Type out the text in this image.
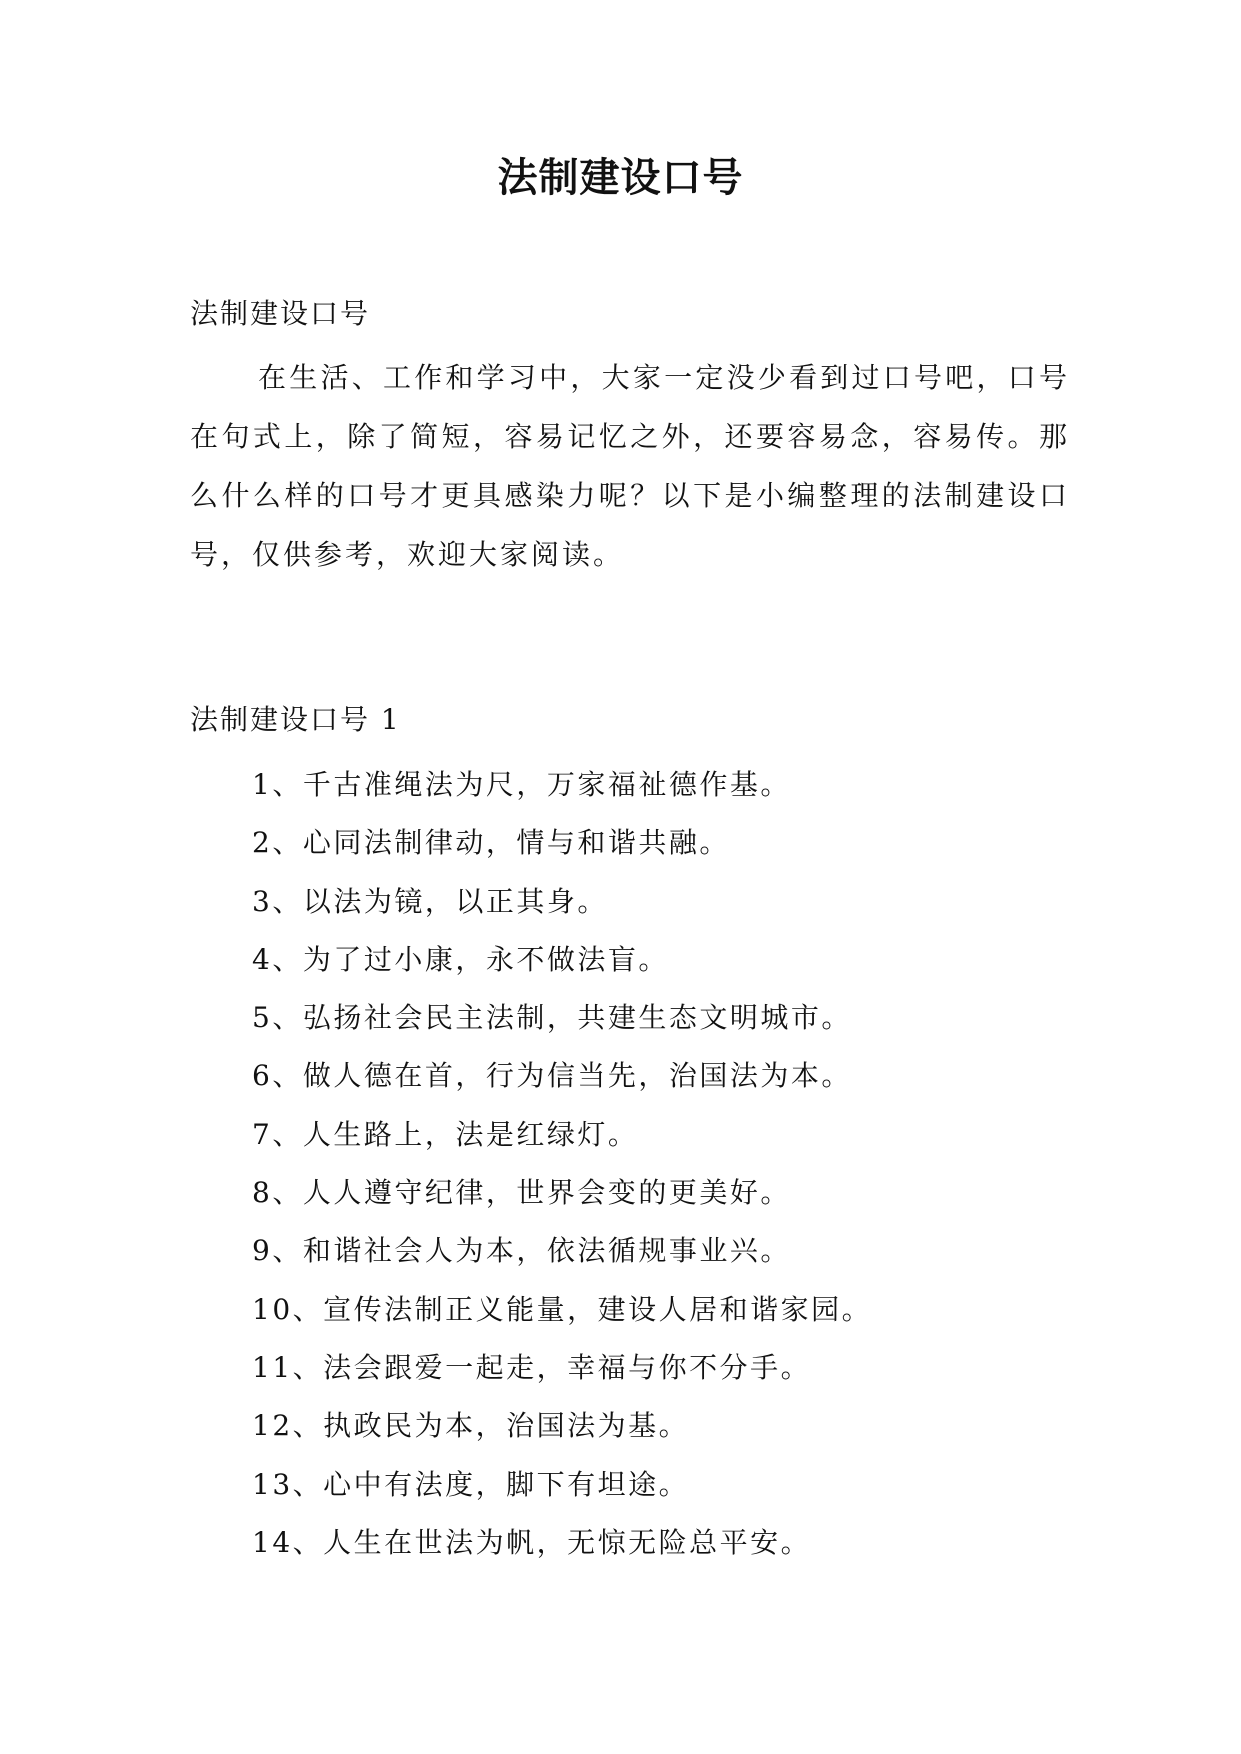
法制建设口号
法制建设口号

在生活、工作和学习中，大家一定没少看到过口号吧，口号在句式上，除了简短，容易记忆之外，还要容易念，容易传。那么什么样的口号才更具感染力呢？以下是小编整理的法制建设口号，仅供参考，欢迎大家阅读。

法制建设口号 1
1、千古准绳法为尺，万家福祉德作基。
2、心同法制律动，情与和谐共融。
3、以法为镜，以正其身。
4、为了过小康，永不做法盲。
5、弘扬社会民主法制，共建生态文明城市。
6、做人德在首，行为信当先，治国法为本。
7、人生路上，法是红绿灯。
8、人人遵守纪律，世界会变的更美好。
9、和谐社会人为本，依法循规事业兴。
10、宣传法制正义能量，建设人居和谐家园。
11、法会跟爱一起走，幸福与你不分手。
12、执政民为本，治国法为基。
13、心中有法度，脚下有坦途。
14、人生在世法为帆，无惊无险总平安。
